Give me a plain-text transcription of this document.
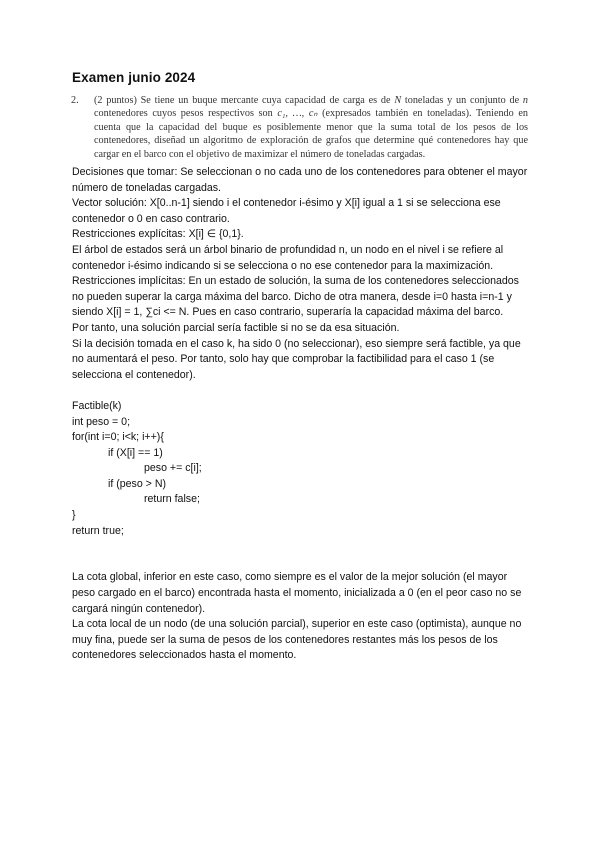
Examen junio 2024
2.	(2 puntos) Se tiene un buque mercante cuya capacidad de carga es de N toneladas y un conjunto de n contenedores cuyos pesos respectivos son c₁, …, cₙ (expresados también en toneladas). Teniendo en cuenta que la capacidad del buque es posiblemente menor que la suma total de los pesos de los contenedores, diseñad un algoritmo de exploración de grafos que determine qué contenedores hay que cargar en el barco con el objetivo de maximizar el número de toneladas cargadas.

Decisiones que tomar: Se seleccionan o no cada uno de los contenedores para obtener el mayor número de toneladas cargadas.

Vector solución: X[0..n-1] siendo i el contenedor i-ésimo y X[i] igual a 1 si se selecciona ese contenedor o 0 en caso contrario.

Restricciones explícitas: X[i] ∈ {0,1}.

El árbol de estados será un árbol binario de profundidad n, un nodo en el nivel i se refiere al contenedor i-ésimo indicando si se selecciona o no ese contenedor para la maximización.

Restricciones implícitas: En un estado de solución, la suma de los contenedores seleccionados no pueden superar la carga máxima del barco. Dicho de otra manera, desde i=0 hasta i=n-1 y siendo X[i] = 1, ∑ci <= N. Pues en caso contrario, superaría la capacidad máxima del barco.

Por tanto, una solución parcial sería factible si no se da esa situación.

Si la decisión tomada en el caso k, ha sido 0 (no seleccionar), eso siempre será factible, ya que no aumentará el peso. Por tanto, solo hay que comprobar la factibilidad para el caso 1 (se selecciona el contenedor).

Factible(k)

int peso = 0;

for(int i=0; i<k; i++){

if (X[i] == 1)

peso += c[i];

if (peso > N)

return false;

}

return true;

La cota global, inferior en este caso, como siempre es el valor de la mejor solución (el mayor peso cargado en el barco) encontrada hasta el momento, inicializada a 0 (en el peor caso no se cargará ningún contenedor).

La cota local de un nodo (de una solución parcial), superior en este caso (optimista), aunque no muy fina, puede ser la suma de pesos de los contenedores restantes más los pesos de los contenedores seleccionados hasta el momento.
